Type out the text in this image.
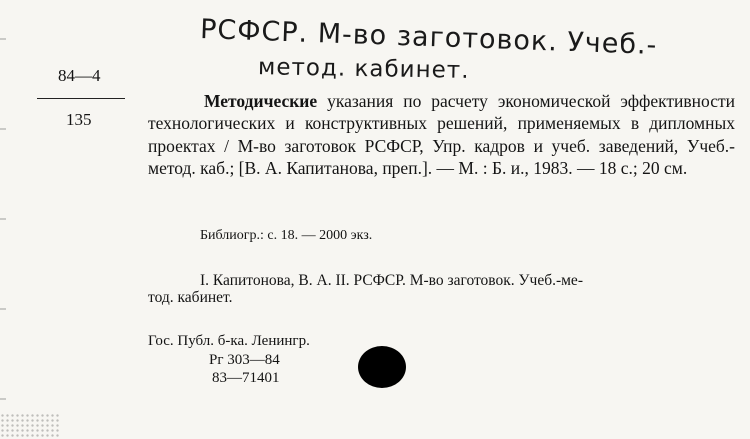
РСФСР. М-во заготовок. Учеб.-
метод. кабинет.
84—4
135
Методические указания по расчету экономической эффективности технологических и конструктивных решений, применяемых в дипломных проектах / М-во заготовок РСФСР, Упр. кадров и учеб. заведений, Учеб.-метод. каб.; [В. А. Капитанова, преп.]. — М. : Б. и., 1983. — 18 с.; 20 см.
Библиогр.: с. 18. — 2000 экз.
I. Капитонова, В. А. II. РСФСР. М-во заготовок. Учеб.-ме-
тод. кабинет.
Гос. Публ. б-ка. Ленингр.
Рг 303—84
83—71401
